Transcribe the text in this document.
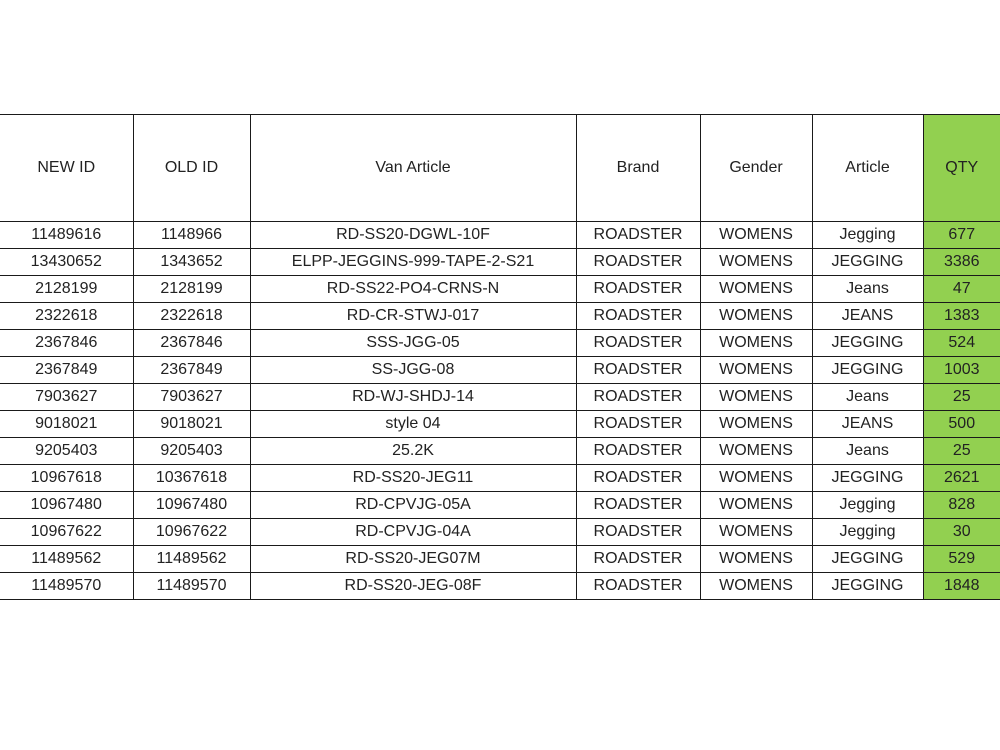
NEW ID	OLD ID	Van Article	Brand	Gender	Article	QTY
11489616	1148966	RD-SS20-DGWL-10F	ROADSTER	WOMENS	Jegging	677
13430652	1343652	ELPP-JEGGINS-999-TAPE-2-S21	ROADSTER	WOMENS	JEGGING	3386
2128199	2128199	RD-SS22-PO4-CRNS-N	ROADSTER	WOMENS	Jeans	47
2322618	2322618	RD-CR-STWJ-017	ROADSTER	WOMENS	JEANS	1383
2367846	2367846	SSS-JGG-05	ROADSTER	WOMENS	JEGGING	524
2367849	2367849	SS-JGG-08	ROADSTER	WOMENS	JEGGING	1003
7903627	7903627	RD-WJ-SHDJ-14	ROADSTER	WOMENS	Jeans	25
9018021	9018021	style 04	ROADSTER	WOMENS	JEANS	500
9205403	9205403	25.2K	ROADSTER	WOMENS	Jeans	25
10967618	10367618	RD-SS20-JEG11	ROADSTER	WOMENS	JEGGING	2621
10967480	10967480	RD-CPVJG-05A	ROADSTER	WOMENS	Jegging	828
10967622	10967622	RD-CPVJG-04A	ROADSTER	WOMENS	Jegging	30
11489562	11489562	RD-SS20-JEG07M	ROADSTER	WOMENS	JEGGING	529
11489570	11489570	RD-SS20-JEG-08F	ROADSTER	WOMENS	JEGGING	1848
